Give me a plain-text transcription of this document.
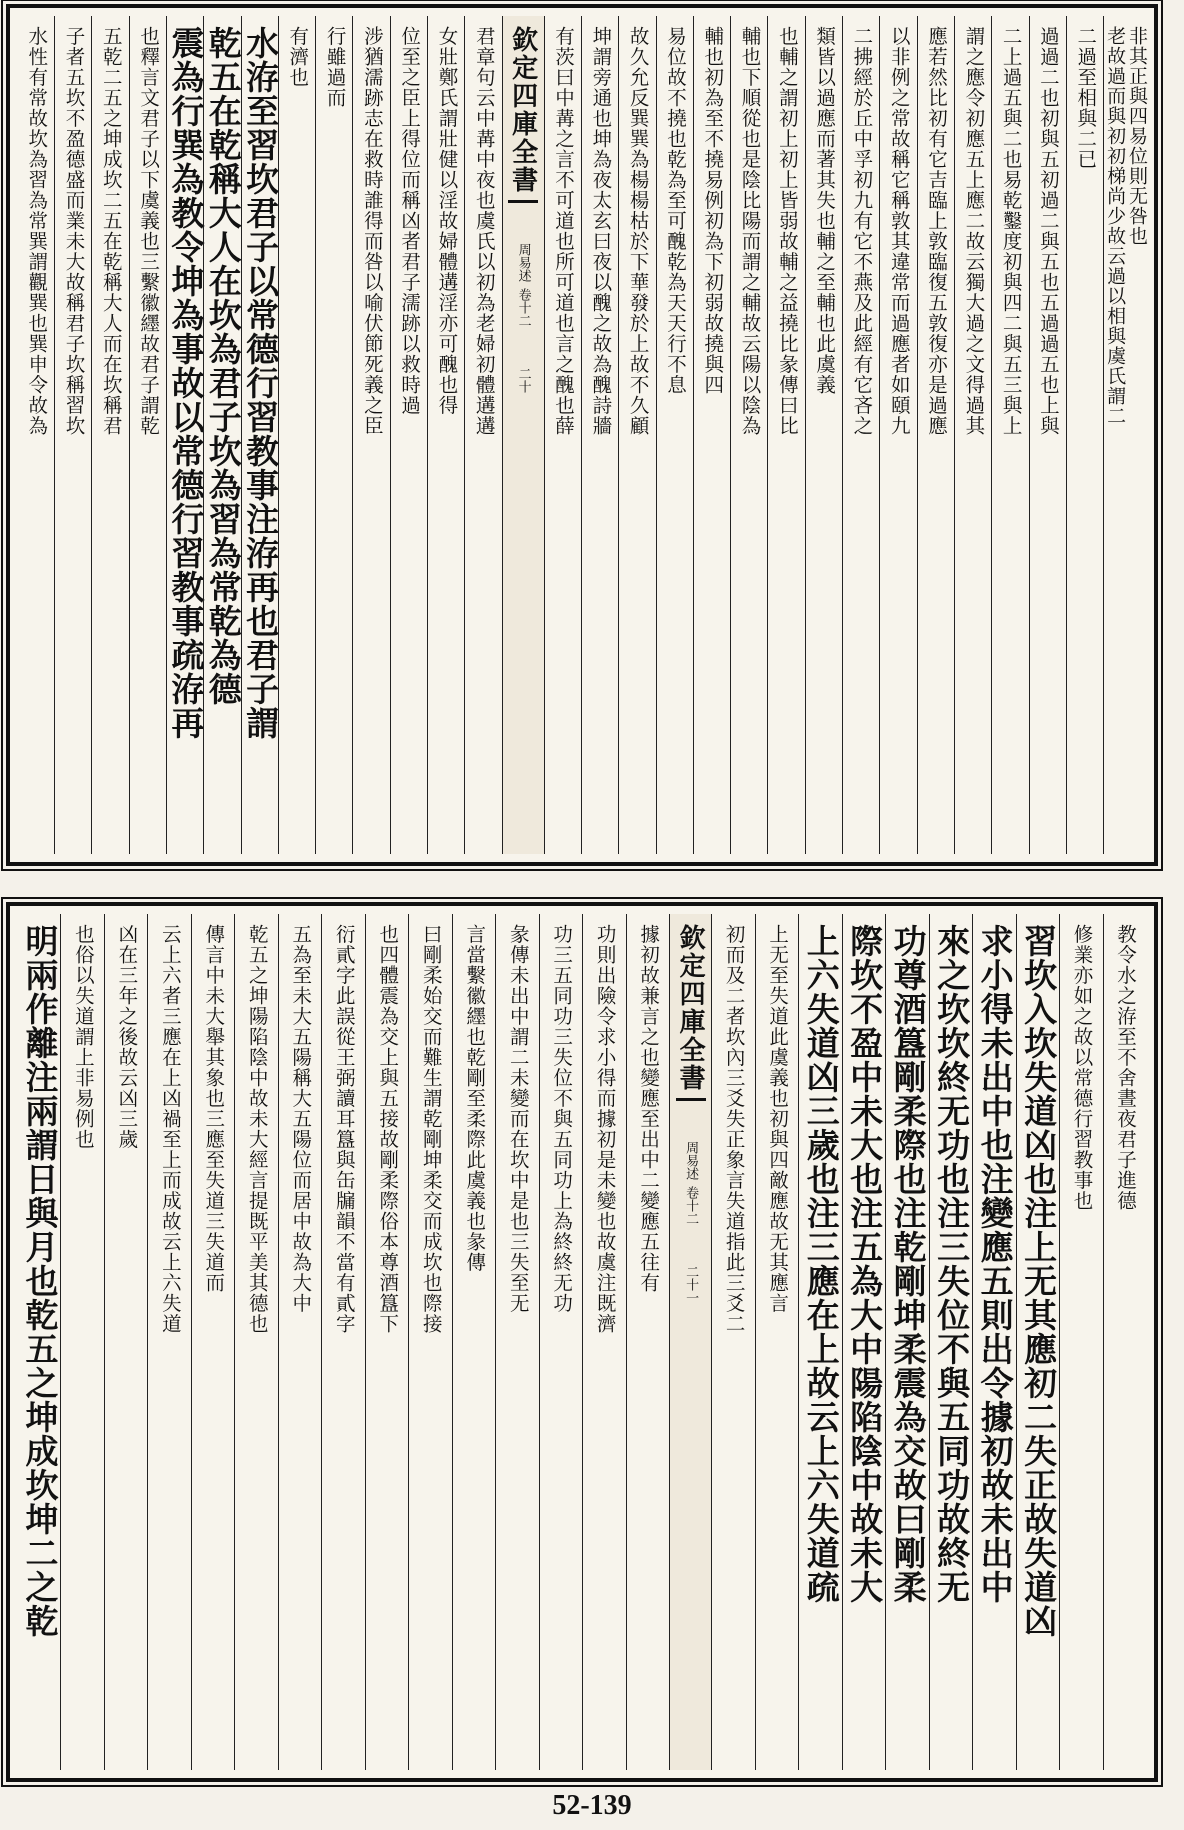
非其正與四易位則无咎也
老故過而與初初梯尚少故云過以相與虞氏謂二
二過至相與二已
過過二也初與五初過二與五也五過過五也上與
二上過五與二也易乾鑿度初與四二與五三與上
謂之應令初應五上應二故云獨大過之文得過其
應若然比初有它吉臨上敦臨復五敦復亦是過應
以非例之常故稱它稱敦其違常而過應者如頤九
二拂經於丘中孚初九有它不燕及此經有它吝之
類皆以過應而著其失也輔之至輔也此虞義
也輔之謂初上初上皆弱故輔之益撓比彖傳曰比
輔也下順從也是陰比陽而謂之輔故云陽以陰為
輔也初為至不撓易例初為下初弱故撓與四
易位故不撓也乾為至可醜乾為天天行不息
故久允反巽巽為楊楊枯於下華發於上故不久顧
坤謂旁通也坤為夜太玄曰夜以醜之故為醜詩牆
有茨曰中冓之言不可道也所可道也言之醜也薛
欽定四庫全書
周易述
卷十二
二十
君章句云中冓中夜也虞氏以初為老婦初體遘遘
女壯鄭氏謂壯健以淫故婦體遘淫亦可醜也得
位至之臣上得位而稱凶者君子濡跡以救時過
涉猶濡跡志在救時誰得而咎以喻伏節死義之臣
行雖過而
有濟也
水洊至習坎君子以常德行習教事注洊再也君子謂
乾五在乾稱大人在坎為君子坎為習為常乾為德
震為行巽為教令坤為事故以常德行習教事疏洊再
也釋言文君子以下虞義也三繫徽纆故君子謂乾
五乾二五之坤成坎二五在乾稱大人而在坎稱君
子者五坎不盈德盛而業未大故稱君子坎稱習坎
水性有常故坎為習為常巽謂觀巽也巽申令故為
教令水之洊至不舍晝夜君子進德
修業亦如之故以常德行習教事也
習坎入坎失道凶也注上无其應初二失正故失道凶
求小得未出中也注變應五則出令據初故未出中
來之坎坎終无功也注三失位不與五同功故終无
功尊酒簋剛柔際也注乾剛坤柔震為交故曰剛柔
際坎不盈中未大也注五為大中陽陷陰中故未大
上六失道凶三歲也注三應在上故云上六失道疏
上无至失道此虞義也初與四敵應故无其應言
初而及二者坎內三爻失正象言失道指此三爻二
欽定四庫全書
周易述
卷十二
二十一
據初故兼言之也變應至出中二變應五往有
功則出險令求小得而據初是未變也故虞注既濟
功三五同功三失位不與五同功上為終終无功
彖傳未出中謂二未變而在坎中是也三失至无
言當繫徽纆也乾剛至柔際此虞義也彖傳
曰剛柔始交而難生謂乾剛坤柔交而成坎也際接
也四體震為交上與五接故剛柔際俗本尊酒簋下
衍貳字此誤從王弼讀耳簋與缶牖韻不當有貳字
五為至未大五陽稱大五陽位而居中故為大中
乾五之坤陽陷陰中故未大經言提既平美其德也
傳言中未大舉其象也三應至失道三失道而
云上六者三應在上凶禍至上而成故云上六失道
凶在三年之後故云凶三歲
也俗以失道謂上非易例也
明兩作離注兩謂日與月也乾五之坤成坎坤二之乾
52-139
